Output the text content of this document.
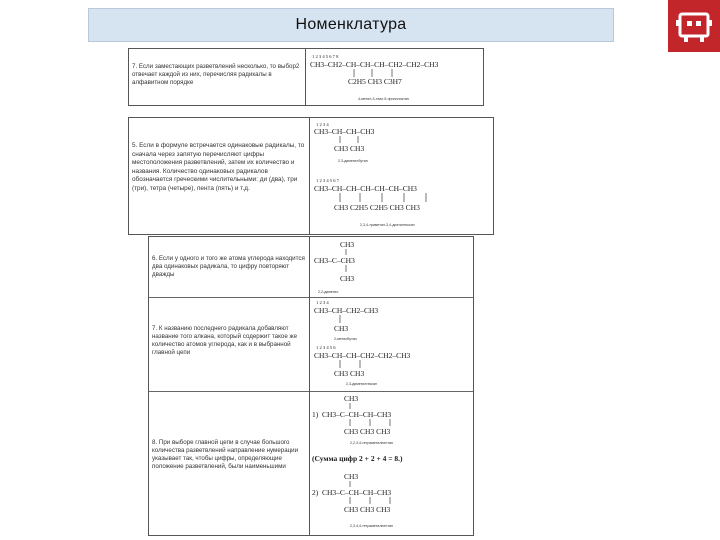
Номенклатура
7. Если заместающих разветвлений несколько, то выбор2 отвечает каждой из них, перечисляя радикалы в алфавитном порядке
1 2 3 4 5 6 7 8
CH3–CH2–CH–CH–CH–CH2–CH2–CH3
C2H5 CH3 C3H7
4-метил-3-этил-5-пропилоктан
5. Если в формуле встречается одинаковые радикалы, то сначала через запятую перечисляют цифры местоположения разветвлений, затем их количество и названия. Количество одинаковых радикалов обозначается греческими числительными: ди (два), три (три), тетра (четыре), пента (пять) и т.д.
1 2 3 4
CH3–CH–CH–CH3
CH3 CH3
2,3-диметилбутан
1 2 3 4 5 6 7
CH3–CH–CH–CH–CH–CH–CH3
CH3 C2H5 C2H5 CH3 CH3
2,3,4-триметил-3,4-диэтилгексан
6. Если у одного и того же атома углерода находится два одинаковых радикала, то цифру повторяют дважды
7. К названию последнего радикала добавляют название того алкана, который содержит такое же количество атомов углерода, как и в выбранной главной цепи
8. При выборе главной цепи в случае большого количества разветвлений направление нумерации указывает так, чтобы цифры, определяющие положение разветвлений, были наименьшими
CH3
CH3–C–CH3
CH3
2,2-диметил
1 2 3 4
CH3–CH–CH2–CH3
CH3
2-метилбутан
1 2 3 4 5 6
CH3–CH–CH–CH2–CH2–CH3
CH3 CH3
2,3-диметилгексан
CH3
1) CH3–C–CH–CH–CH3
CH3 CH3 CH3
2,2,3,4-тетраметилпентан
(Сумма цифр 2 + 2 + 4 = 8.)
CH3
2) CH3–C–CH–CH–CH3
CH3 CH3 CH3
2,3,4,4-тетраметилпентан
